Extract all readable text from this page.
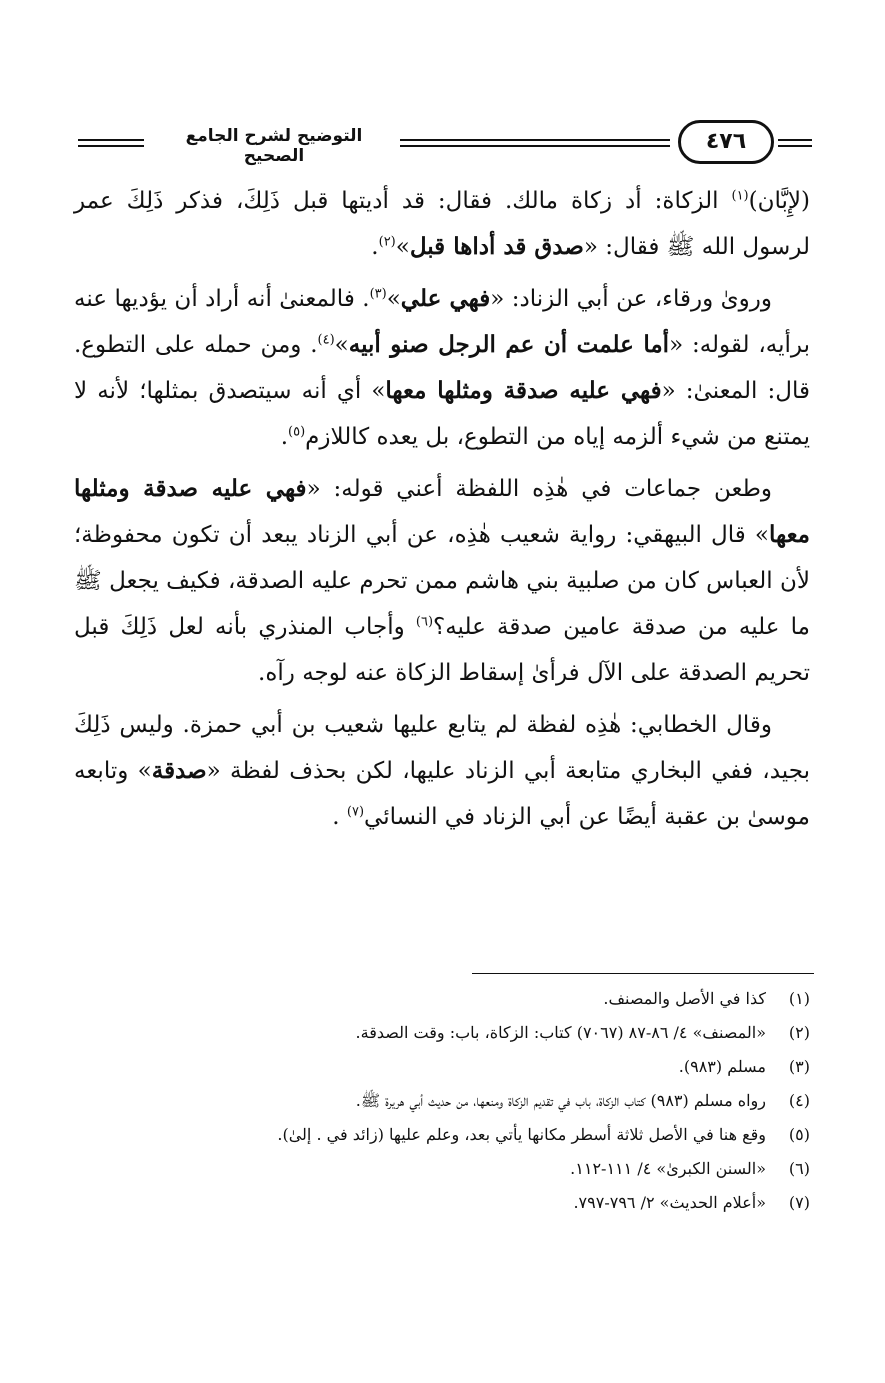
التوضيح لشرح الجامع الصحيح
٤٧٦

(لإِبَّان)$^{(١)}$ الزكاة: أد زكاة مالك. فقال: قد أديتها قبل ذَلِكَ، فذكر ذَلِكَ عمر لرسول الله ﷺ فقال: «صدق قد أداها قبل»$^{(٢)}$.

ورویٰ ورقاء، عن أبي الزناد: «فهي علي»$^{(٣)}$. فالمعنىٰ أنه أراد أن يؤديها عنه برأيه، لقوله: «أما علمت أن عم الرجل صنو أبيه»$^{(٤)}$. ومن حمله على التطوع. قال: المعنىٰ: «فهي عليه صدقة ومثلها معها» أي أنه سيتصدق بمثلها؛ لأنه لا يمتنع من شيء ألزمه إياه من التطوع، بل يعده كاللازم$^{(٥)}$.

وطعن جماعات في هٰذِه اللفظة أعني قوله: «فهي عليه صدقة ومثلها معها» قال البيهقي: رواية شعيب هٰذِه، عن أبي الزناد يبعد أن تكون محفوظة؛ لأن العباس كان من صلبية بني هاشم ممن تحرم عليه الصدقة، فكيف يجعل ﷺ ما عليه من صدقة عامين صدقة عليه؟$^{(٦)}$ وأجاب المنذري بأنه لعل ذَلِكَ قبل تحريم الصدقة على الآل فرأىٰ إسقاط الزكاة عنه لوجه رآه.

وقال الخطابي: هٰذِه لفظة لم يتابع عليها شعيب بن أبي حمزة. وليس ذَلِكَ بجيد، ففي البخاري متابعة أبي الزناد عليها، لكن بحذف لفظة «صدقة» وتابعه موسىٰ بن عقبة أيضًا عن أبي الزناد في النسائي$^{(٧)}$ .

(١)
كذا في الأصل والمصنف.
(٢)
«المصنف» ٤/ ٨٦-٨٧ (٧٠٦٧) كتاب: الزكاة، باب: وقت الصدقة.
(٣)
مسلم (٩٨٣).
(٤)
رواه مسلم (٩٨٣) كتاب الزكاة، باب في تقديم الزكاة ومنعها، من حديث أبي هريرة ﷺ.
(٥)
وقع هنا في الأصل ثلاثة أسطر مكانها يأتي بعد، وعلم عليها (زائد في . إلىٰ).
(٦)
«السنن الكبرىٰ» ٤/ ١١١-١١٢.
(٧)
«أعلام الحديث» ٢/ ٧٩٦-٧٩٧.
